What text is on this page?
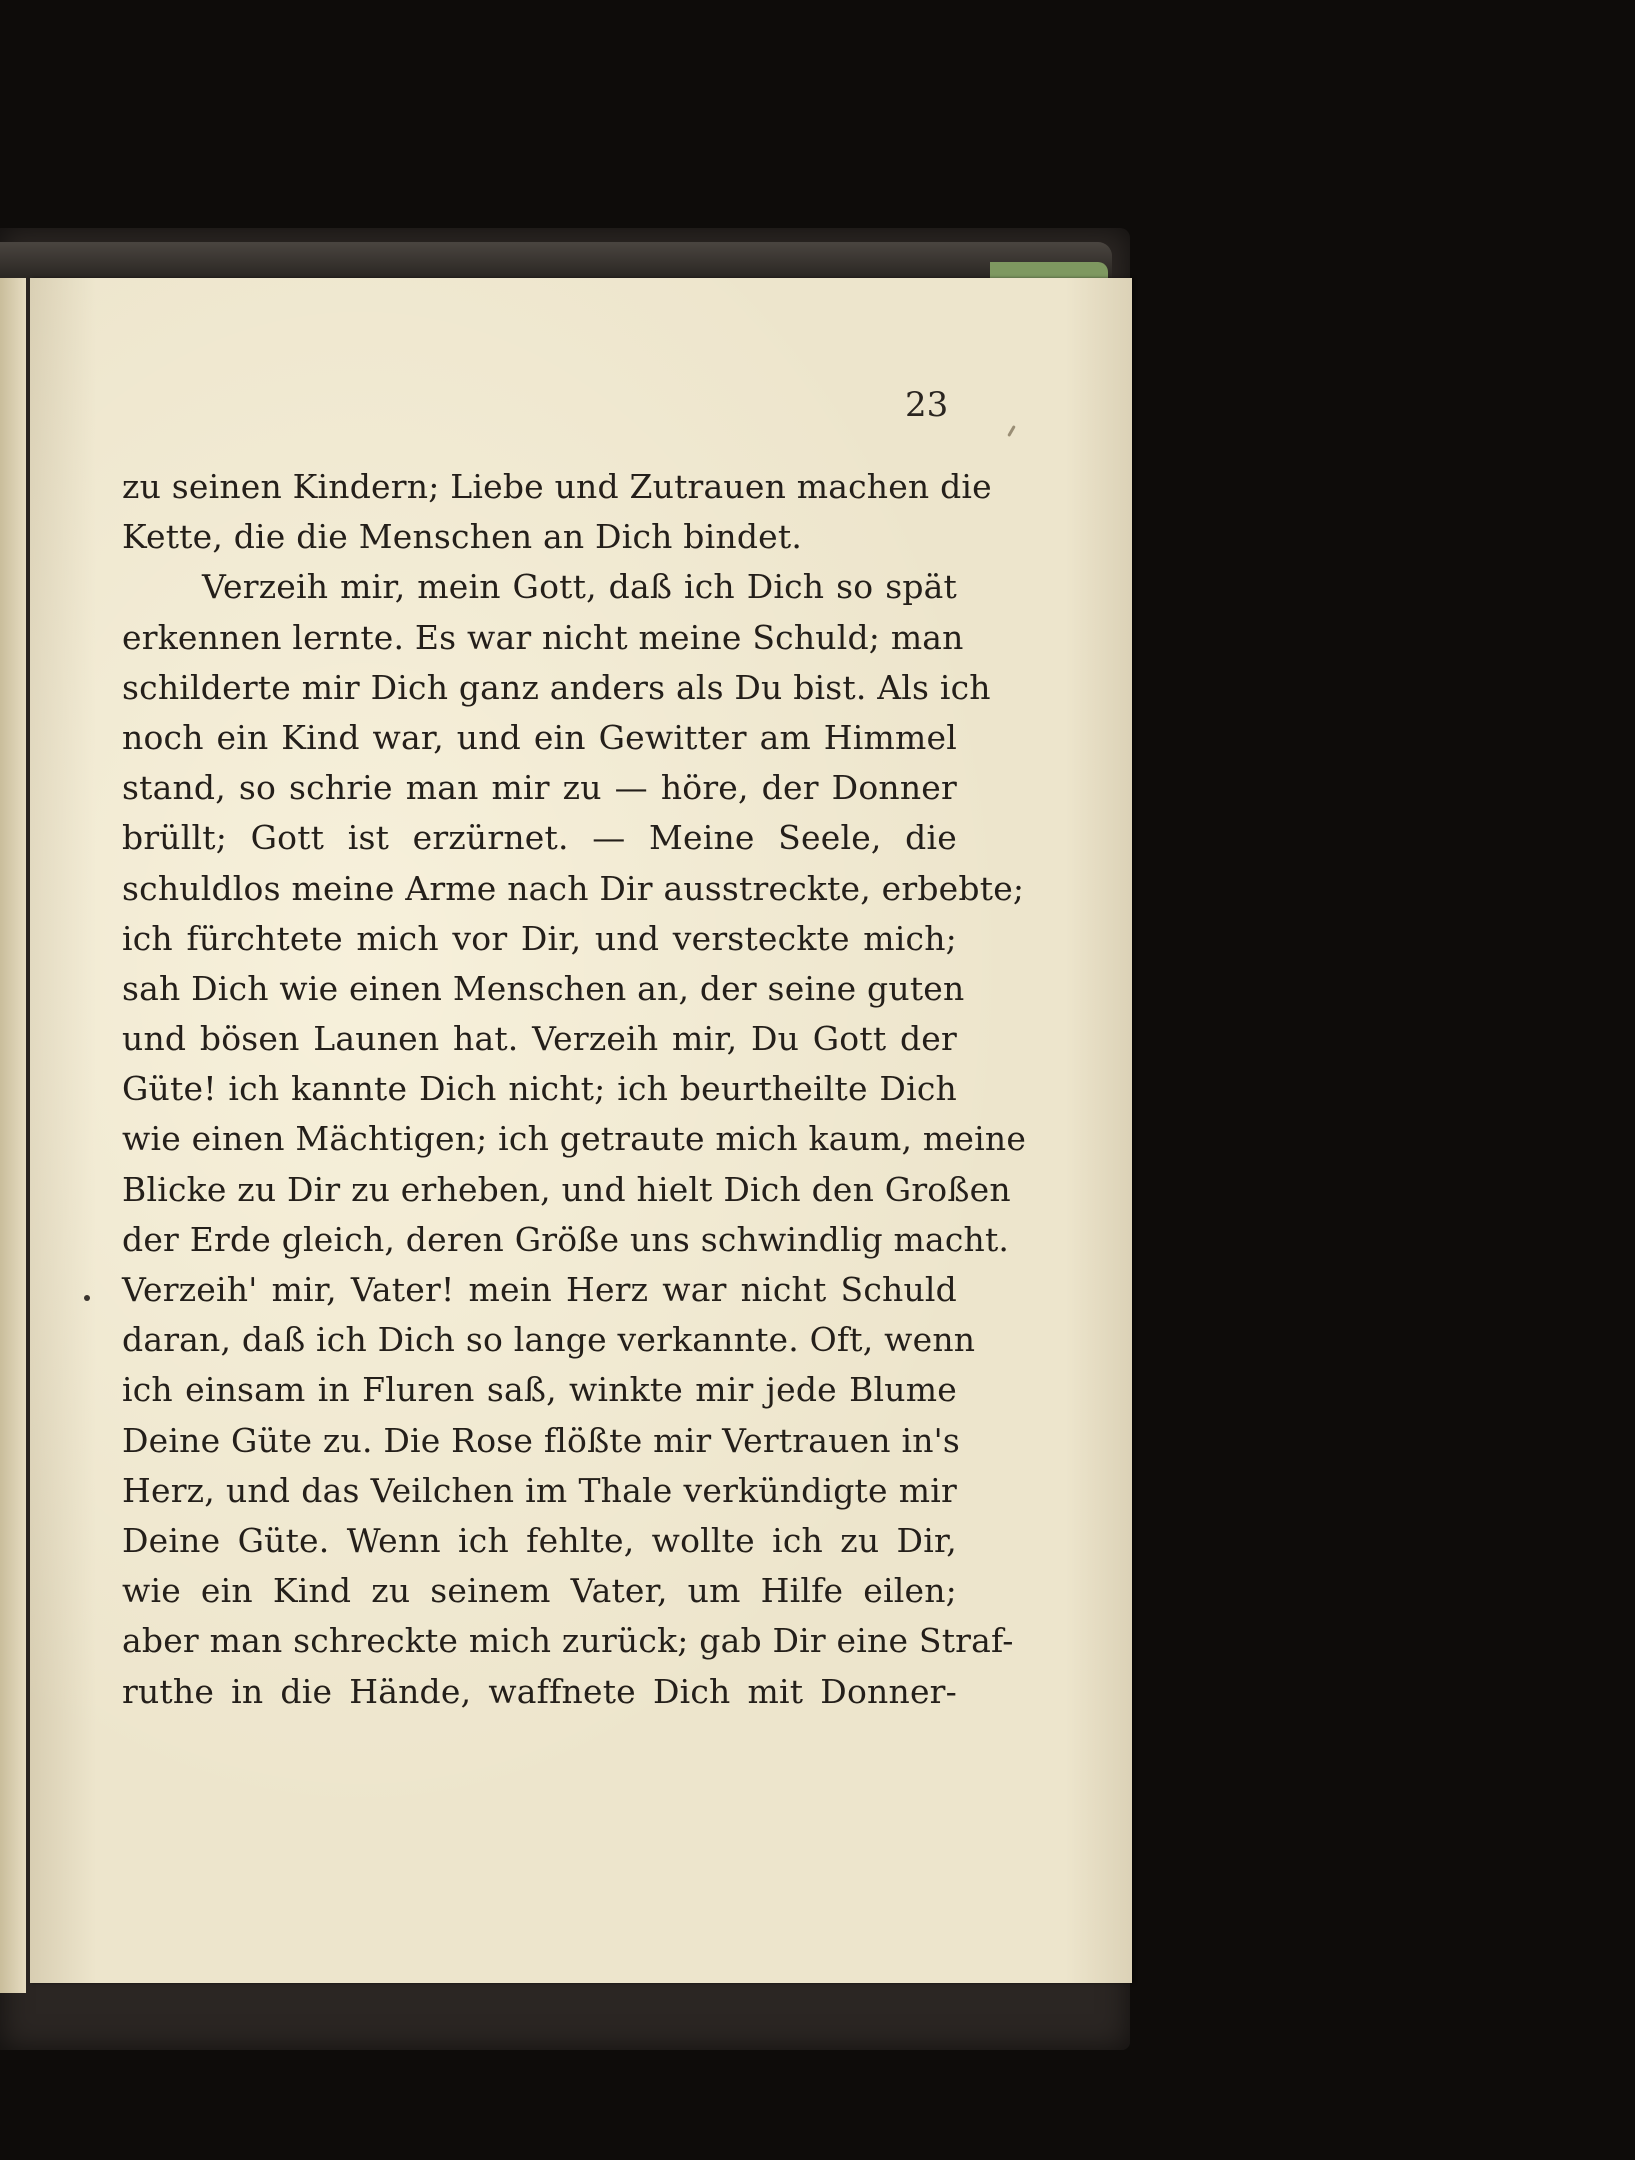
23
zu seinen Kindern; Liebe und Zutrauen machen die
Kette, die die Menschen an Dich bindet.
Verzeih mir, mein Gott, daß ich Dich so spät
erkennen lernte. Es war nicht meine Schuld; man
schilderte mir Dich ganz anders als Du bist. Als ich
noch ein Kind war, und ein Gewitter am Himmel
stand, so schrie man mir zu — höre, der Donner
brüllt; Gott ist erzürnet. — Meine Seele, die
schuldlos meine Arme nach Dir ausstreckte, erbebte;
ich fürchtete mich vor Dir, und versteckte mich;
sah Dich wie einen Menschen an, der seine guten
und bösen Launen hat. Verzeih mir, Du Gott der
Güte! ich kannte Dich nicht; ich beurtheilte Dich
wie einen Mächtigen; ich getraute mich kaum, meine
Blicke zu Dir zu erheben, und hielt Dich den Großen
der Erde gleich, deren Größe uns schwindlig macht.
Verzeih' mir, Vater! mein Herz war nicht Schuld
daran, daß ich Dich so lange verkannte. Oft, wenn
ich einsam in Fluren saß, winkte mir jede Blume
Deine Güte zu. Die Rose flößte mir Vertrauen in's
Herz, und das Veilchen im Thale verkündigte mir
Deine Güte. Wenn ich fehlte, wollte ich zu Dir,
wie ein Kind zu seinem Vater, um Hilfe eilen;
aber man schreckte mich zurück; gab Dir eine Straf-
ruthe in die Hände, waffnete Dich mit Donner-
